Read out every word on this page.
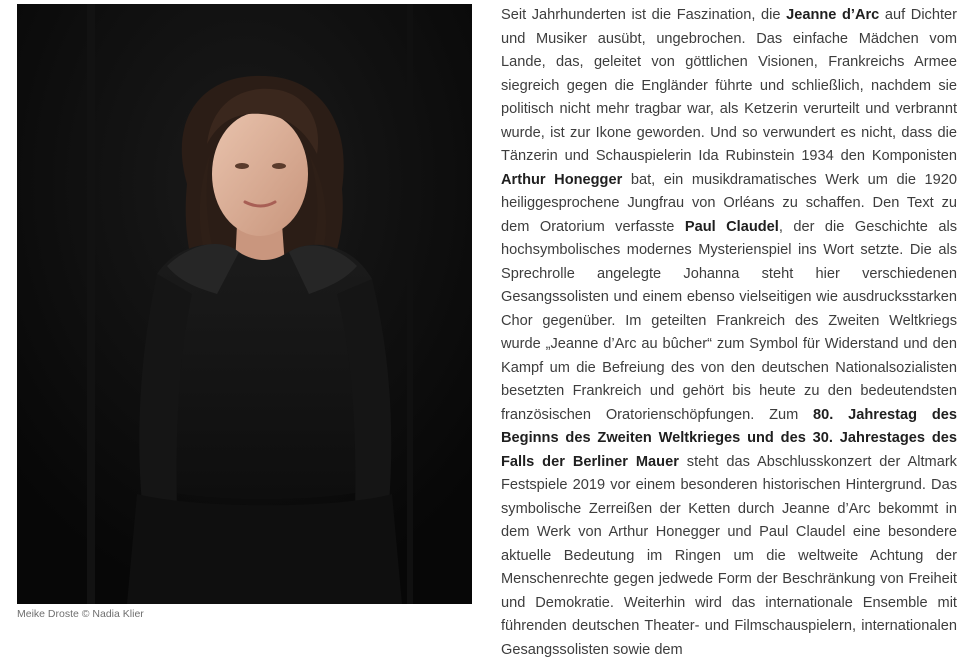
Meike Droste © Nadia Klier
Seit Jahrhunderten ist die Faszination, die Jeanne d’Arc auf Dichter und Musiker ausübt, ungebrochen. Das einfache Mädchen vom Lande, das, geleitet von göttlichen Visionen, Frankreichs Armee siegreich gegen die Engländer führte und schließlich, nachdem sie politisch nicht mehr tragbar war, als Ketzerin verurteilt und verbrannt wurde, ist zur Ikone geworden. Und so verwundert es nicht, dass die Tänzerin und Schauspielerin Ida Rubinstein 1934 den Komponisten Arthur Honegger bat, ein musikdramatisches Werk um die 1920 heiliggesprochene Jungfrau von Orléans zu schaffen. Den Text zu dem Oratorium verfasste Paul Claudel, der die Geschichte als hochsymbolisches modernes Mysterienspiel ins Wort setzte. Die als Sprechrolle angelegte Johanna steht hier verschiedenen Gesangssolisten und einem ebenso vielseitigen wie ausdrucksstarken Chor gegenüber. Im geteilten Frankreich des Zweiten Weltkriegs wurde „Jeanne d’Arc au bûcher“ zum Symbol für Widerstand und den Kampf um die Befreiung des von den deutschen Nationalsozialisten besetzten Frankreich und gehört bis heute zu den bedeutendsten französischen Oratorienschöpfungen. Zum 80. Jahrestag des Beginns des Zweiten Weltkrieges und des 30. Jahrestages des Falls der Berliner Mauer steht das Abschlusskonzert der Altmark Festspiele 2019 vor einem besonderen historischen Hintergrund. Das symbolische Zerreißen der Ketten durch Jeanne d’Arc bekommt in dem Werk von Arthur Honegger und Paul Claudel eine besondere aktuelle Bedeutung im Ringen um die weltweite Achtung der Menschenrechte gegen jedwede Form der Beschränkung von Freiheit und Demokratie. Weiterhin wird das internationale Ensemble mit führenden deutschen Theater- und Filmschauspielern, internationalen Gesangssolisten sowie dem
